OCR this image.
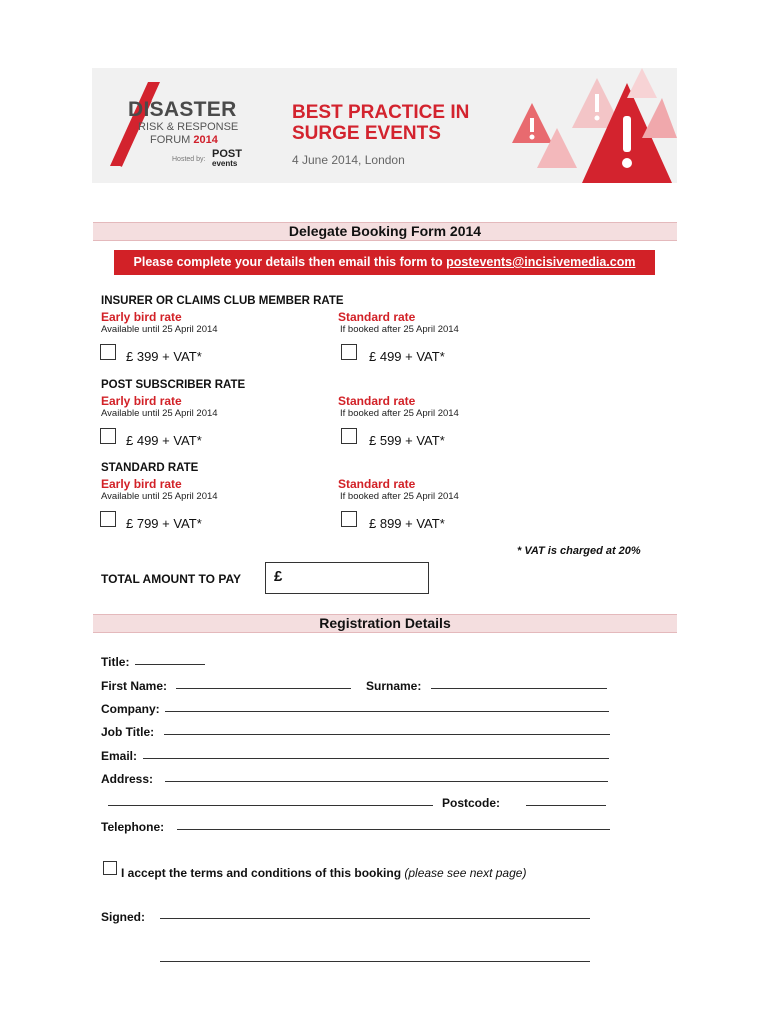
DISASTER
RISK & RESPONSE
FORUM 2014
Hosted by: POST
events
BEST PRACTICE IN
SURGE EVENTS
4 June 2014, London
Delegate Booking Form 2014
Please complete your details then email this form to postevents@incisivemedia.com
INSURER OR CLAIMS CLUB MEMBER RATE
Early bird rate	Standard rate
Available until 25 April 2014	If booked after 25 April 2014
£ 399 + VAT*	£ 499 + VAT*
POST SUBSCRIBER RATE
Early bird rate	Standard rate
Available until 25 April 2014	If booked after 25 April 2014
£ 499 + VAT*	£ 599 + VAT*
STANDARD RATE
Early bird rate	Standard rate
Available until 25 April 2014	If booked after 25 April 2014
£ 799 + VAT*	£ 899 + VAT*
* VAT is charged at 20%
TOTAL AMOUNT TO PAY £
Registration Details
Title:
First Name:	Surname:
Company:
Job Title:
Email:
Address:
Postcode:
Telephone:
I accept the terms and conditions of this booking (please see next page)
Signed:
